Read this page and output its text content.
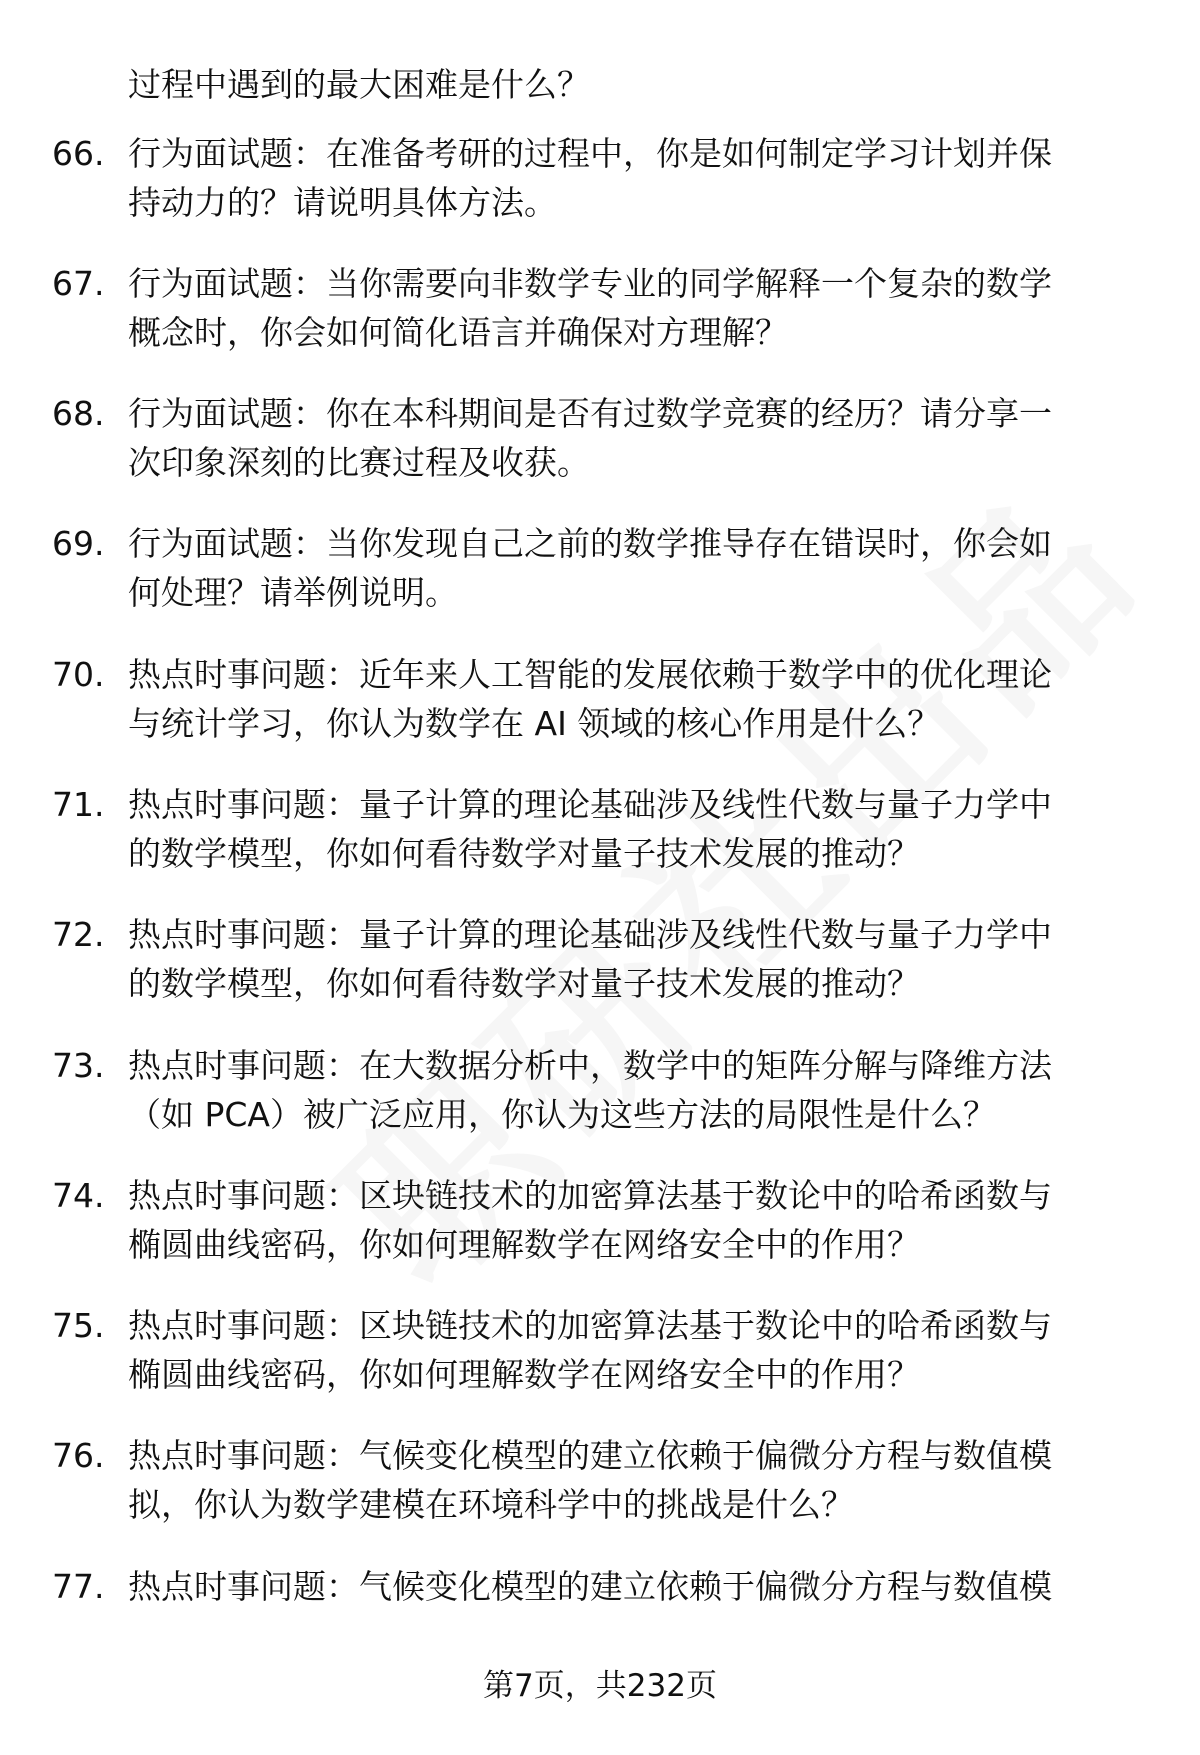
过程中遇到的最大困难是什么？
66. 行为面试题：在准备考研的过程中，你是如何制定学习计划并保
持动力的？请说明具体方法。
67. 行为面试题：当你需要向非数学专业的同学解释一个复杂的数学
概念时，你会如何简化语言并确保对方理解？
68. 行为面试题：你在本科期间是否有过数学竞赛的经历？请分享一
次印象深刻的比赛过程及收获。
69. 行为面试题：当你发现自己之前的数学推导存在错误时，你会如
何处理？请举例说明。
70. 热点时事问题：近年来人工智能的发展依赖于数学中的优化理论
与统计学习，你认为数学在 AI 领域的核心作用是什么？
71. 热点时事问题：量子计算的理论基础涉及线性代数与量子力学中
的数学模型，你如何看待数学对量子技术发展的推动？
72. 热点时事问题：量子计算的理论基础涉及线性代数与量子力学中
的数学模型，你如何看待数学对量子技术发展的推动？
73. 热点时事问题：在大数据分析中，数学中的矩阵分解与降维方法
（如 PCA）被广泛应用，你认为这些方法的局限性是什么？
74. 热点时事问题：区块链技术的加密算法基于数论中的哈希函数与
椭圆曲线密码，你如何理解数学在网络安全中的作用？
75. 热点时事问题：区块链技术的加密算法基于数论中的哈希函数与
椭圆曲线密码，你如何理解数学在网络安全中的作用？
76. 热点时事问题：气候变化模型的建立依赖于偏微分方程与数值模
拟，你认为数学建模在环境科学中的挑战是什么？
77. 热点时事问题：气候变化模型的建立依赖于偏微分方程与数值模
第7页，共232页
